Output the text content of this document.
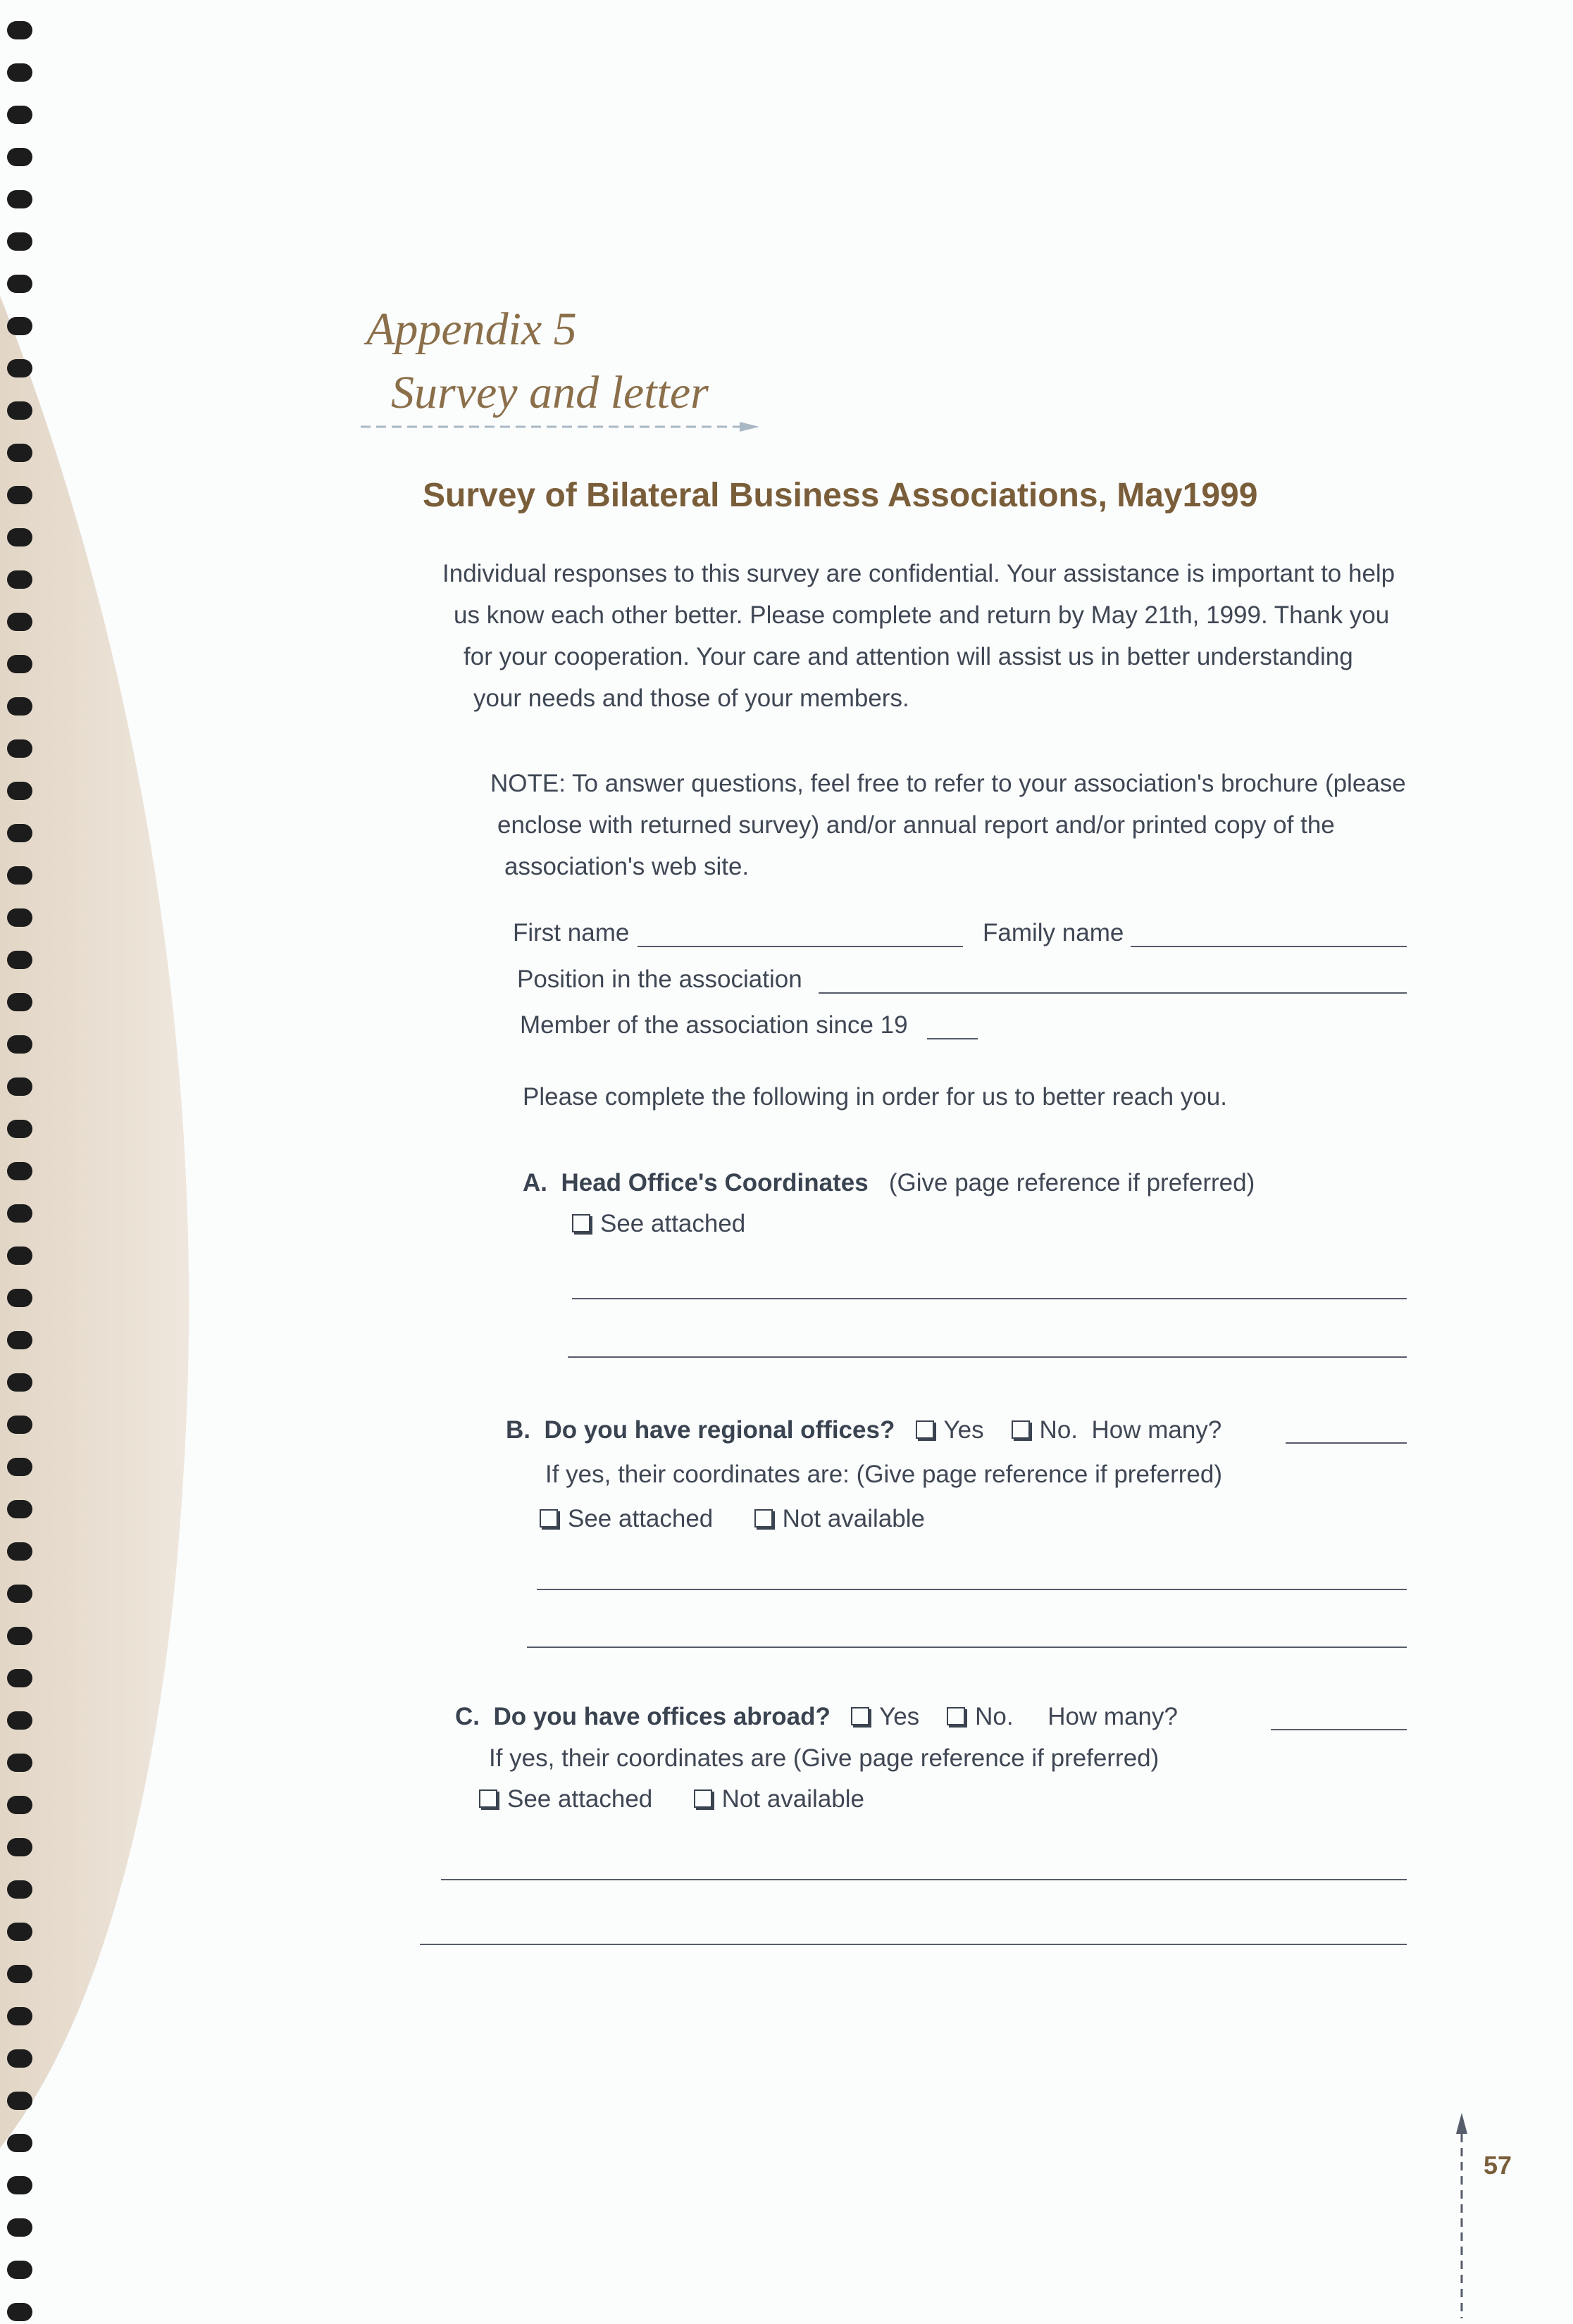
Appendix 5
Survey and letter
Survey of Bilateral Business Associations, May1999
Individual responses to this survey are confidential. Your assistance is important to help
us know each other better. Please complete and return by May 21th, 1999. Thank you
for your cooperation. Your care and attention will assist us in better understanding
your needs and those of your members.
NOTE: To answer questions, feel free to refer to your association's brochure (please
enclose with returned survey) and/or annual report and/or printed copy of the
association's web site.
First name	Family name
Position in the association
Member of the association since 19
Please complete the following in order for us to better reach you.
A. Head Office's Coordinates (Give page reference if preferred)
See attached
B. Do you have regional offices? Yes No. How many?
If yes, their coordinates are: (Give page reference if preferred)
See attached	Not available
C. Do you have offices abroad? Yes No. How many?
If yes, their coordinates are (Give page reference if preferred)
See attached	Not available
57
